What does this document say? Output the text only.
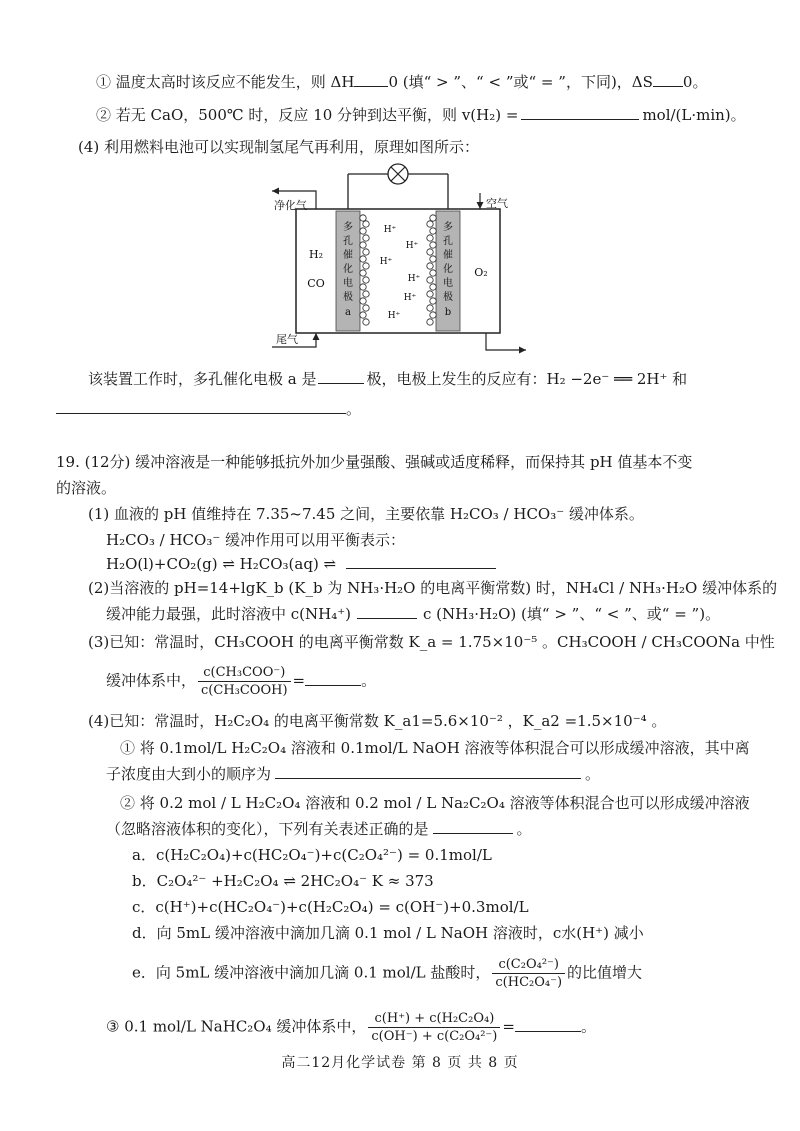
① 温度太高时该反应不能发生，则 ΔH 0 (填“ > ”、“ < ”或“ = ”，下同)，ΔS 0。
② 若无 CaO，500℃ 时，反应 10 分钟到达平衡，则 v(H₂) =	mol/(L·min)。
(4) 利用燃料电池可以实现制氢尾气再利用，原理如图所示：
多
孔
催
化
电
极
a
多
孔
催
化
电
极
b
H⁺
H⁺
H⁺
H⁺
H⁺
H⁺
H₂
CO
O₂
净化气	空气
尾气
该装置工作时，多孔催化电极 a 是	极，电极上发生的反应有：H₂ −2e⁻ ══ 2H⁺ 和
。
19. (12分) 缓冲溶液是一种能够抵抗外加少量强酸、强碱或适度稀释，而保持其 pH 值基本不变
的溶液。
(1) 血液的 pH 值维持在 7.35~7.45 之间，主要依靠 H₂CO₃ / HCO₃⁻ 缓冲体系。
H₂CO₃ / HCO₃⁻ 缓冲作用可以用平衡表示：
H₂O(l)+CO₂(g) ⇌ H₂CO₃(aq) ⇌
(2)当溶液的 pH=14+lgK_b (K_b 为 NH₃·H₂O 的电离平衡常数) 时，NH₄Cl / NH₃·H₂O 缓冲体系的
缓冲能力最强，此时溶液中 c(NH₄⁺)	c (NH₃·H₂O) (填“ > ”、“ < ”、或“ = ”)。
(3)已知：常温时，CH₃COOH 的电离平衡常数 K_a = 1.75×10⁻⁵ 。CH₃COOH / CH₃COONa 中性
缓冲体系中， $\frac{\text{c(CH₃COO⁻)}}{\text{c(CH₃COOH)}}$ =	。
(4)已知：常温时，H₂C₂O₄ 的电离平衡常数 K_a1=5.6×10⁻² ，K_a2 =1.5×10⁻⁴ 。
① 将 0.1mol/L H₂C₂O₄ 溶液和 0.1mol/L NaOH 溶液等体积混合可以形成缓冲溶液，其中离
子浓度由大到小的顺序为	。
② 将 0.2 mol / L H₂C₂O₄ 溶液和 0.2 mol / L Na₂C₂O₄ 溶液等体积混合也可以形成缓冲溶液
（忽略溶液体积的变化），下列有关表述正确的是	。
a．c(H₂C₂O₄)+c(HC₂O₄⁻)+c(C₂O₄²⁻) = 0.1mol/L
b．C₂O₄²⁻ +H₂C₂O₄ ⇌ 2HC₂O₄⁻ K ≈ 373
c．c(H⁺)+c(HC₂O₄⁻)+c(H₂C₂O₄) = c(OH⁻)+0.3mol/L
d．向 5mL 缓冲溶液中滴加几滴 0.1 mol / L NaOH 溶液时，c水(H⁺) 减小
e．向 5mL 缓冲溶液中滴加几滴 0.1 mol/L 盐酸时， $\frac{\text{c(C₂O₄²⁻)}}{\text{c(HC₂O₄⁻)}}$ 的比值增大
③ 0.1 mol/L NaHC₂O₄ 缓冲体系中， $\frac{\text{c(H⁺) + c(H₂C₂O₄)}}{\text{c(OH⁻) + c(C₂O₄²⁻)}}$ =	。
高二12月化学试卷 第 8 页 共 8 页
